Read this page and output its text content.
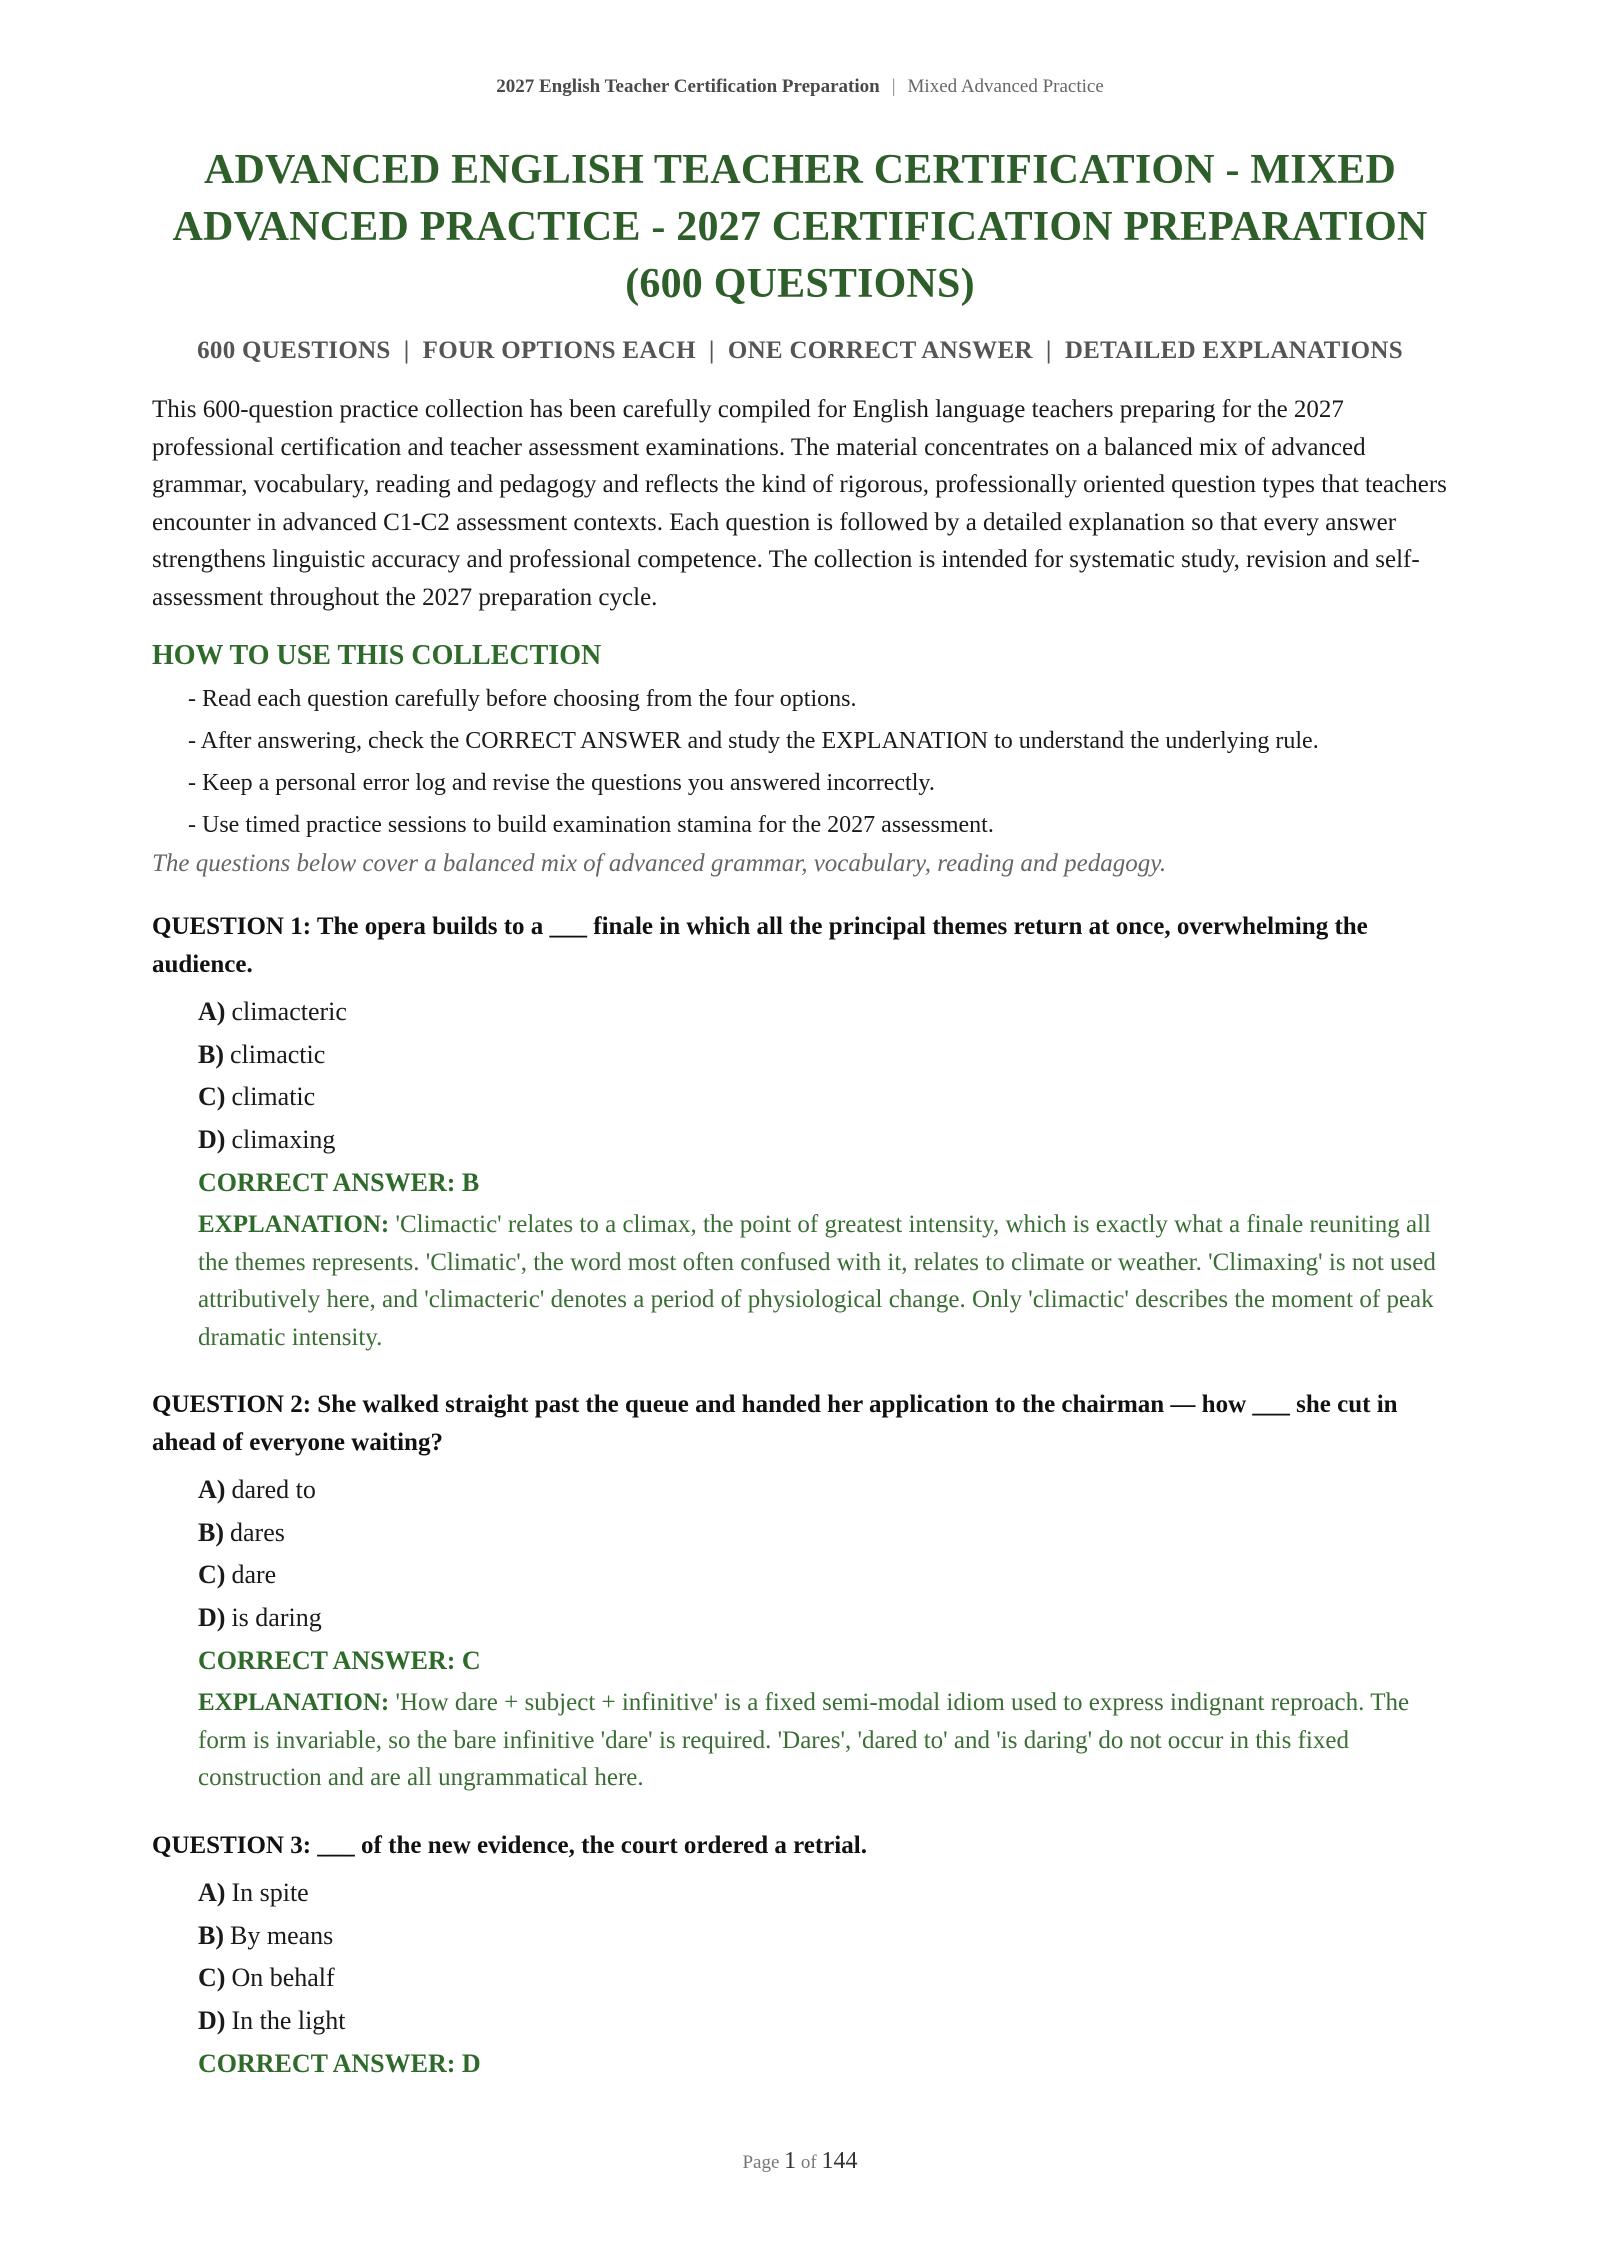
2027 English Teacher Certification Preparation | Mixed Advanced Practice
ADVANCED ENGLISH TEACHER CERTIFICATION - MIXED ADVANCED PRACTICE - 2027 CERTIFICATION PREPARATION (600 QUESTIONS)
600 QUESTIONS  |  FOUR OPTIONS EACH  |  ONE CORRECT ANSWER  |  DETAILED EXPLANATIONS

This 600-question practice collection has been carefully compiled for English language teachers preparing for the 2027 professional certification and teacher assessment examinations. The material concentrates on a balanced mix of advanced grammar, vocabulary, reading and pedagogy and reflects the kind of rigorous, professionally oriented question types that teachers encounter in advanced C1-C2 assessment contexts. Each question is followed by a detailed explanation so that every answer strengthens linguistic accuracy and professional competence. The collection is intended for systematic study, revision and self-assessment throughout the 2027 preparation cycle.

HOW TO USE THIS COLLECTION
- Read each question carefully before choosing from the four options.
- After answering, check the CORRECT ANSWER and study the EXPLANATION to understand the underlying rule.
- Keep a personal error log and revise the questions you answered incorrectly.
- Use timed practice sessions to build examination stamina for the 2027 assessment.
The questions below cover a balanced mix of advanced grammar, vocabulary, reading and pedagogy.
QUESTION 1: The opera builds to a ___ finale in which all the principal themes return at once, overwhelming the audience.
A) climacteric
B) climactic
C) climatic
D) climaxing
CORRECT ANSWER: B
EXPLANATION: 'Climactic' relates to a climax, the point of greatest intensity, which is exactly what a finale reuniting all the themes represents. 'Climatic', the word most often confused with it, relates to climate or weather. 'Climaxing' is not used attributively here, and 'climacteric' denotes a period of physiological change. Only 'climactic' describes the moment of peak dramatic intensity.
QUESTION 2: She walked straight past the queue and handed her application to the chairman — how ___ she cut in ahead of everyone waiting?
A) dared to
B) dares
C) dare
D) is daring
CORRECT ANSWER: C
EXPLANATION: 'How dare + subject + infinitive' is a fixed semi-modal idiom used to express indignant reproach. The form is invariable, so the bare infinitive 'dare' is required. 'Dares', 'dared to' and 'is daring' do not occur in this fixed construction and are all ungrammatical here.
QUESTION 3: ___ of the new evidence, the court ordered a retrial.
A) In spite
B) By means
C) On behalf
D) In the light
CORRECT ANSWER: D
Page 1 of 144
